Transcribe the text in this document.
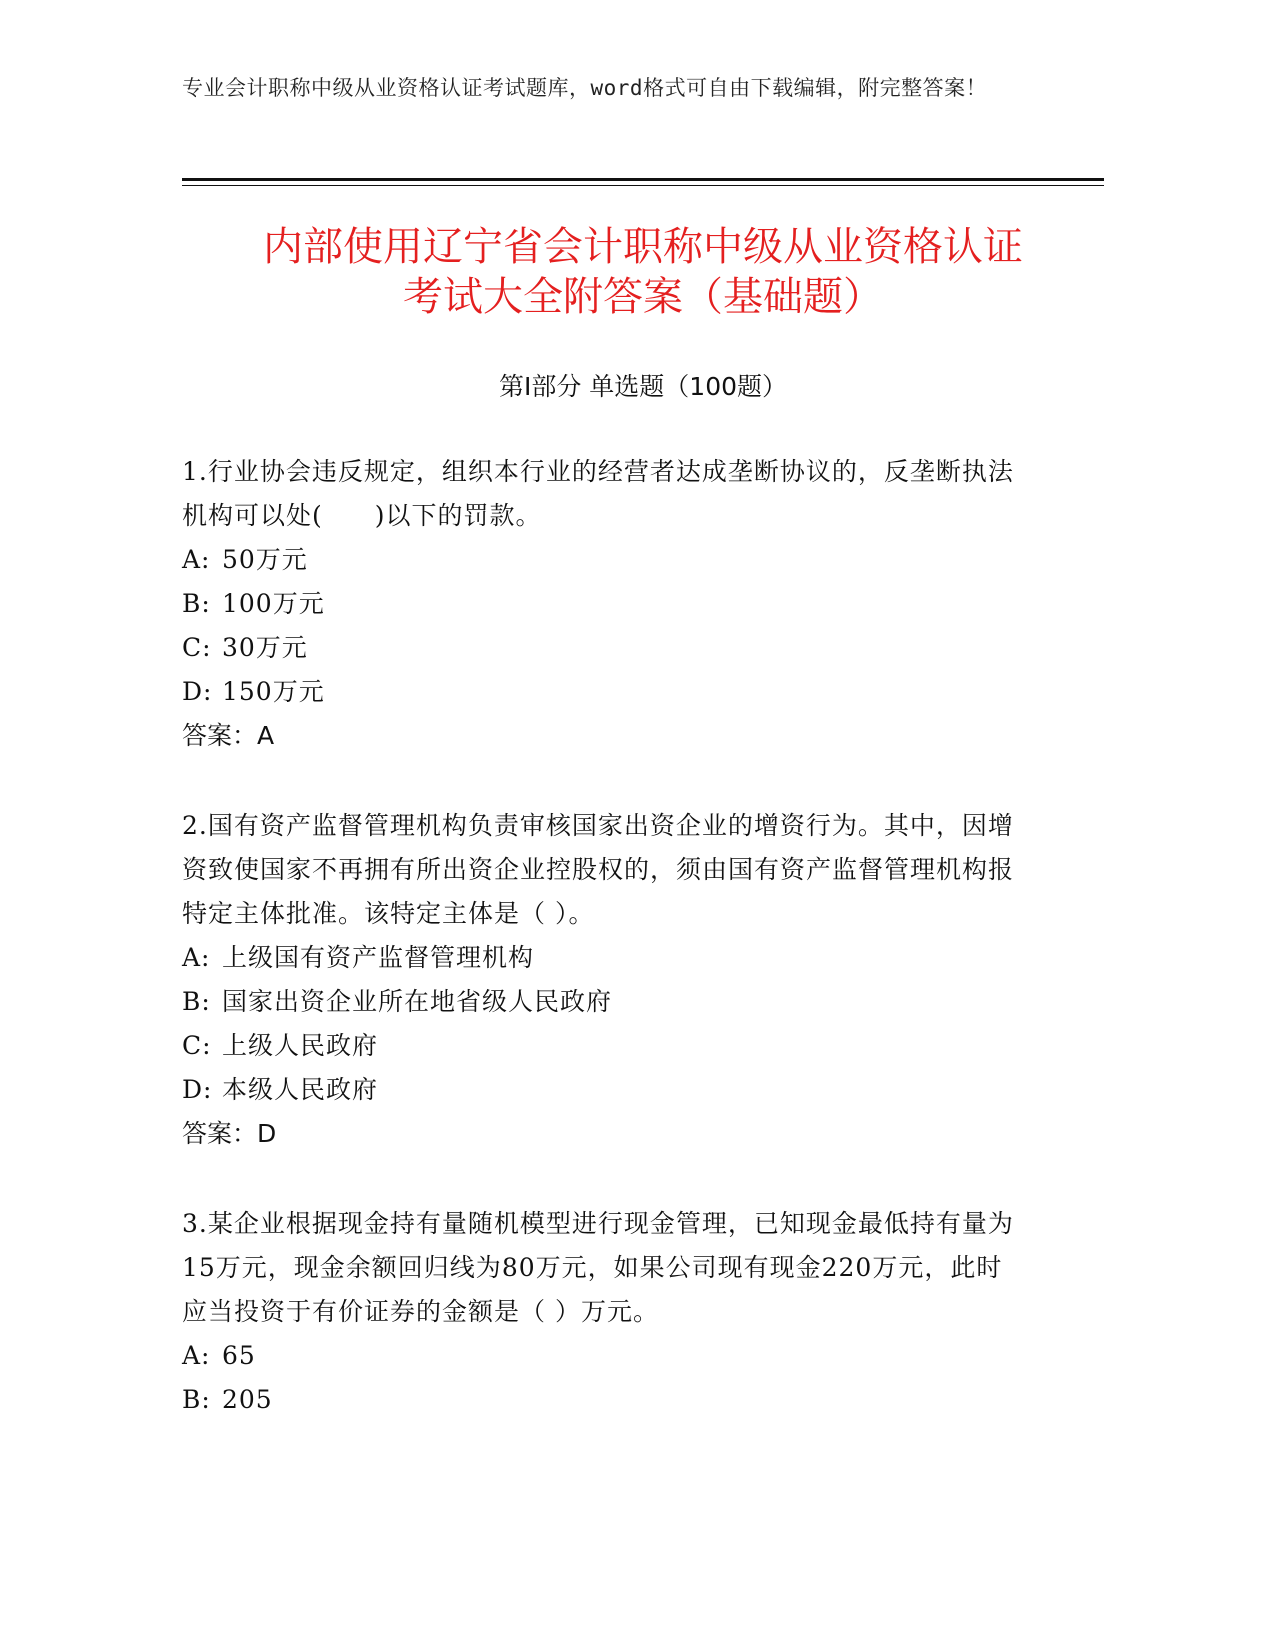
专业会计职称中级从业资格认证考试题库，word格式可自由下载编辑，附完整答案！
内部使用辽宁省会计职称中级从业资格认证
考试大全附答案（基础题）
第Ⅰ部分 单选题（100题）

1.行业协会违反规定，组织本行业的经营者达成垄断协议的，反垄断执法机构可以处(　　)以下的罚款。

A: 50万元

B: 100万元

C: 30万元

D: 150万元

答案：A

2.国有资产监督管理机构负责审核国家出资企业的增资行为。其中，因增资致使国家不再拥有所出资企业控股权的，须由国有资产监督管理机构报特定主体批准。该特定主体是（ ）。

A: 上级国有资产监督管理机构

B: 国家出资企业所在地省级人民政府

C: 上级人民政府

D: 本级人民政府

答案：D

3.某企业根据现金持有量随机模型进行现金管理，已知现金最低持有量为15万元，现金余额回归线为80万元，如果公司现有现金220万元，此时应当投资于有价证券的金额是（ ）万元。

A: 65

B: 205
